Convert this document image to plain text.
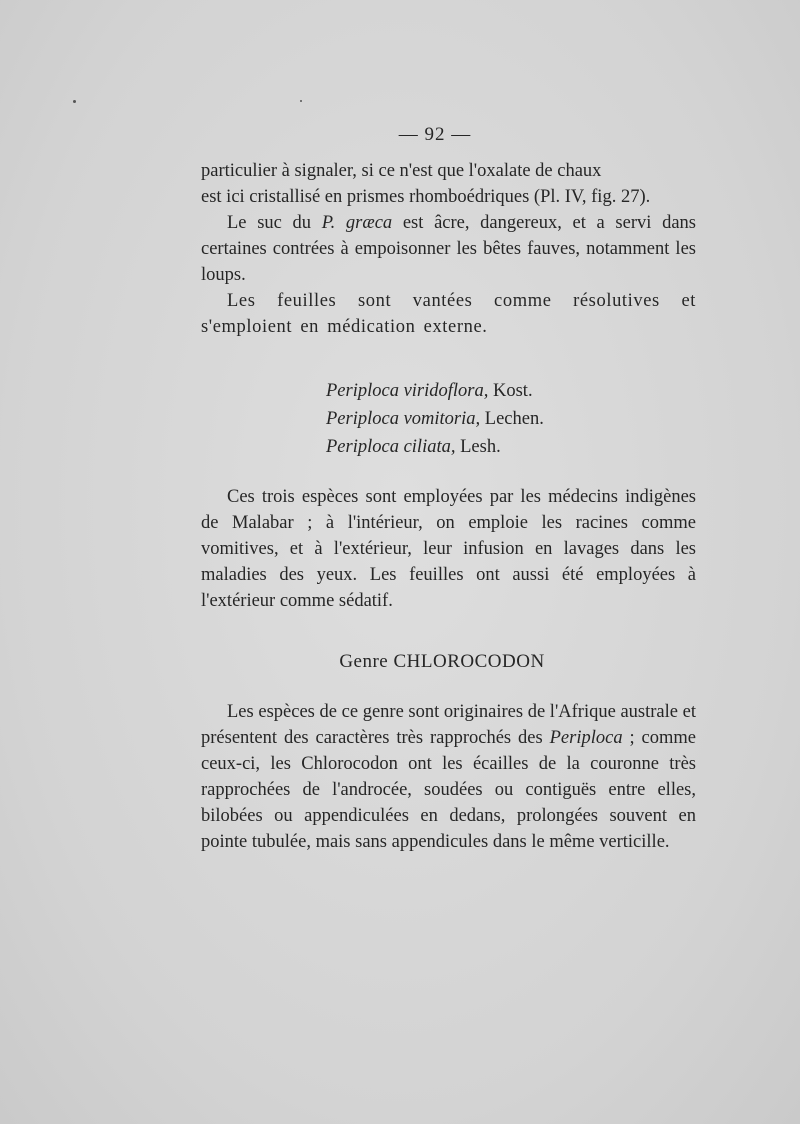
— 92 —

particulier à signaler, si ce n'est que l'oxalate de chaux
est ici cristallisé en prismes rhomboédriques (Pl. IV, fig. 27).

Le suc du P. græca est âcre, dangereux, et a servi dans certaines contrées à empoisonner les bêtes fauves, notamment les loups.

Les feuilles sont vantées comme résolutives et s'emploient en médication externe.

Periploca viridoflora, Kost.
Periploca vomitoria, Lechen.
Periploca ciliata, Lesh.

Ces trois espèces sont employées par les médecins indigènes de Malabar ; à l'intérieur, on emploie les racines comme vomitives, et à l'extérieur, leur infusion en lavages dans les maladies des yeux. Les feuilles ont aussi été employées à l'extérieur comme sédatif.

Genre CHLOROCODON

Les espèces de ce genre sont originaires de l'Afrique australe et présentent des caractères très rapprochés des Periploca ; comme ceux-ci, les Chlorocodon ont les écailles de la couronne très rapprochées de l'androcée, soudées ou contiguës entre elles, bilobées ou appendiculées en dedans, prolongées souvent en pointe tubulée, mais sans appendicules dans le même verticille.
